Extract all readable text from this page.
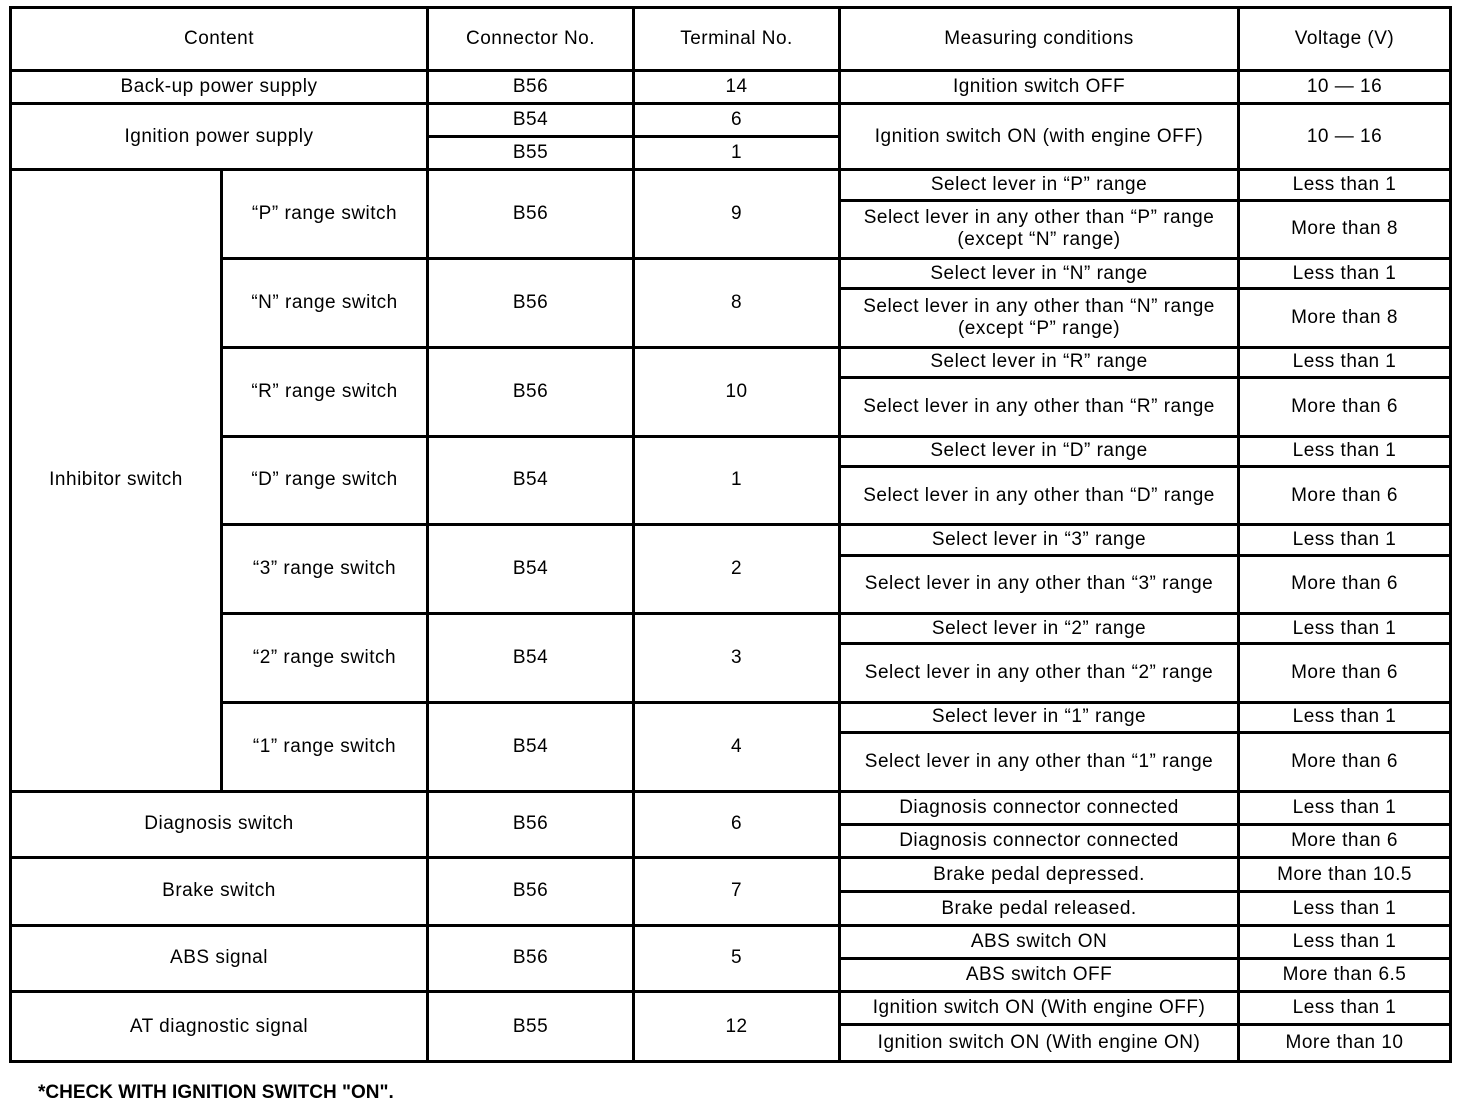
Content		Connector No.	Terminal No.	Measuring conditions	Voltage (V)
Back-up power supply		B56	14	Ignition switch OFF	10 — 16
Ignition power supply		B54	6	Ignition switch ON (with engine OFF)	10 — 16
		B55	1		
Inhibitor switch	“P” range switch	B56	9	Select lever in “P” range	Less than 1
				Select lever in any other than “P” range (except “N” range)	More than 8
	“N” range switch	B56	8	Select lever in “N” range	Less than 1
				Select lever in any other than “N” range (except “P” range)	More than 8
	“R” range switch	B56	10	Select lever in “R” range	Less than 1
				Select lever in any other than “R” range	More than 6
	“D” range switch	B54	1	Select lever in “D” range	Less than 1
				Select lever in any other than “D” range	More than 6
	“3” range switch	B54	2	Select lever in “3” range	Less than 1
				Select lever in any other than “3” range	More than 6
	“2” range switch	B54	3	Select lever in “2” range	Less than 1
				Select lever in any other than “2” range	More than 6
	“1” range switch	B54	4	Select lever in “1” range	Less than 1
				Select lever in any other than “1” range	More than 6
Diagnosis switch		B56	6	Diagnosis connector connected	Less than 1
				Diagnosis connector connected	More than 6
Brake switch		B56	7	Brake pedal depressed.	More than 10.5
				Brake pedal released.	Less than 1
ABS signal		B56	5	ABS switch ON	Less than 1
				ABS switch OFF	More than 6.5
AT diagnostic signal		B55	12	Ignition switch ON (With engine OFF)	Less than 1
				Ignition switch ON (With engine ON)	More than 10
*CHECK WITH IGNITION SWITCH "ON".
